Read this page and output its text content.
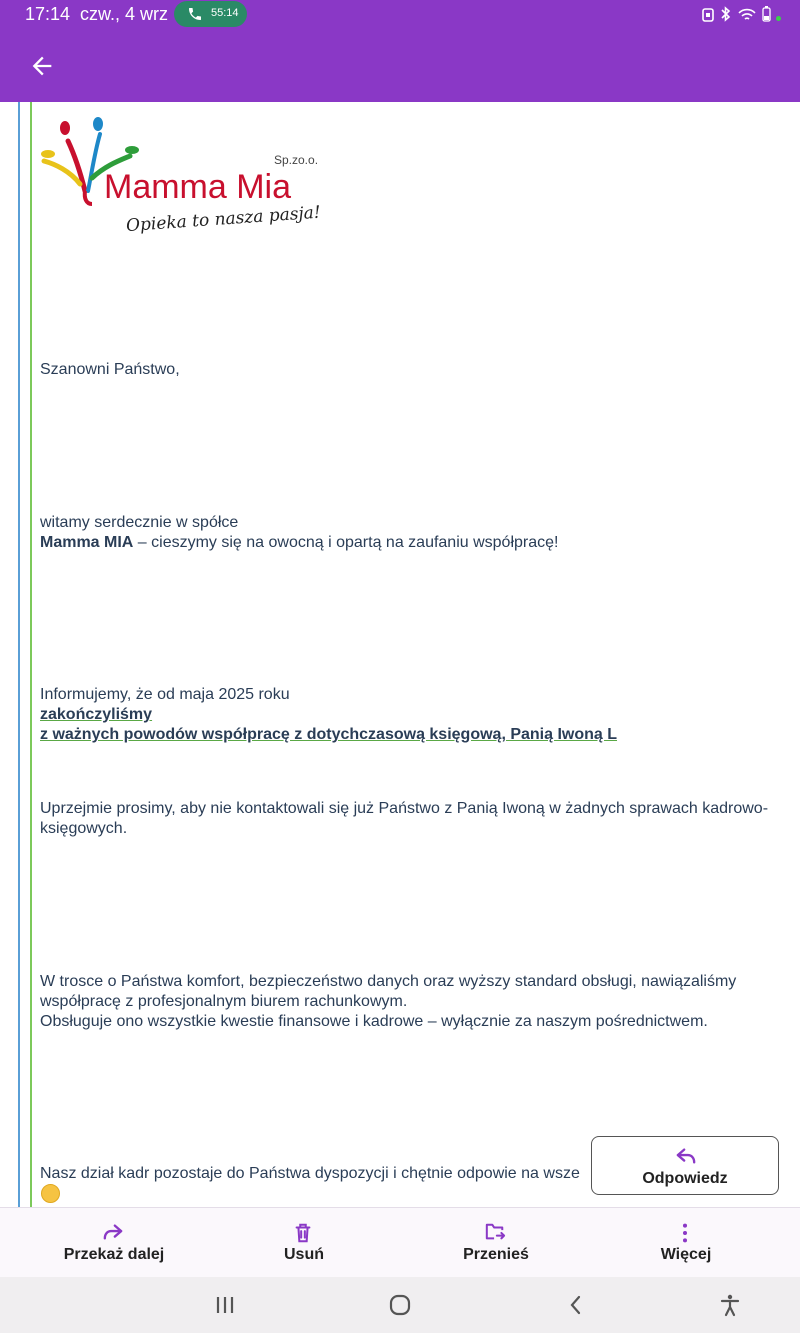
17:14 czw., 4 wrz	55:14
Sp.zo.o.
Mamma Mia
Opieka to nasza pasja!

Szanowni Państwo,

witamy serdecznie w spółce

Mamma MIA – cieszymy się na owocną i opartą na zaufaniu współpracę!

Informujemy, że od maja 2025 roku

zakończyliśmy

z ważnych powodów współpracę z dotychczasową księgową, Panią Iwoną L

Uprzejmie prosimy, aby nie kontaktowali się już Państwo z Panią Iwoną w żadnych sprawach kadrowo-

księgowych.

W trosce o Państwa komfort, bezpieczeństwo danych oraz wyższy standard obsługi, nawiązaliśmy

współpracę z profesjonalnym biurem rachunkowym.

Obsługuje ono wszystkie kwestie finansowe i kadrowe – wyłącznie za naszym pośrednictwem.

Nasz dział kadr pozostaje do Państwa dyspozycji i chętnie odpowie na wsze	Odpowiedz
Przekaż dalej	Usuń	Przenieś	Więcej
